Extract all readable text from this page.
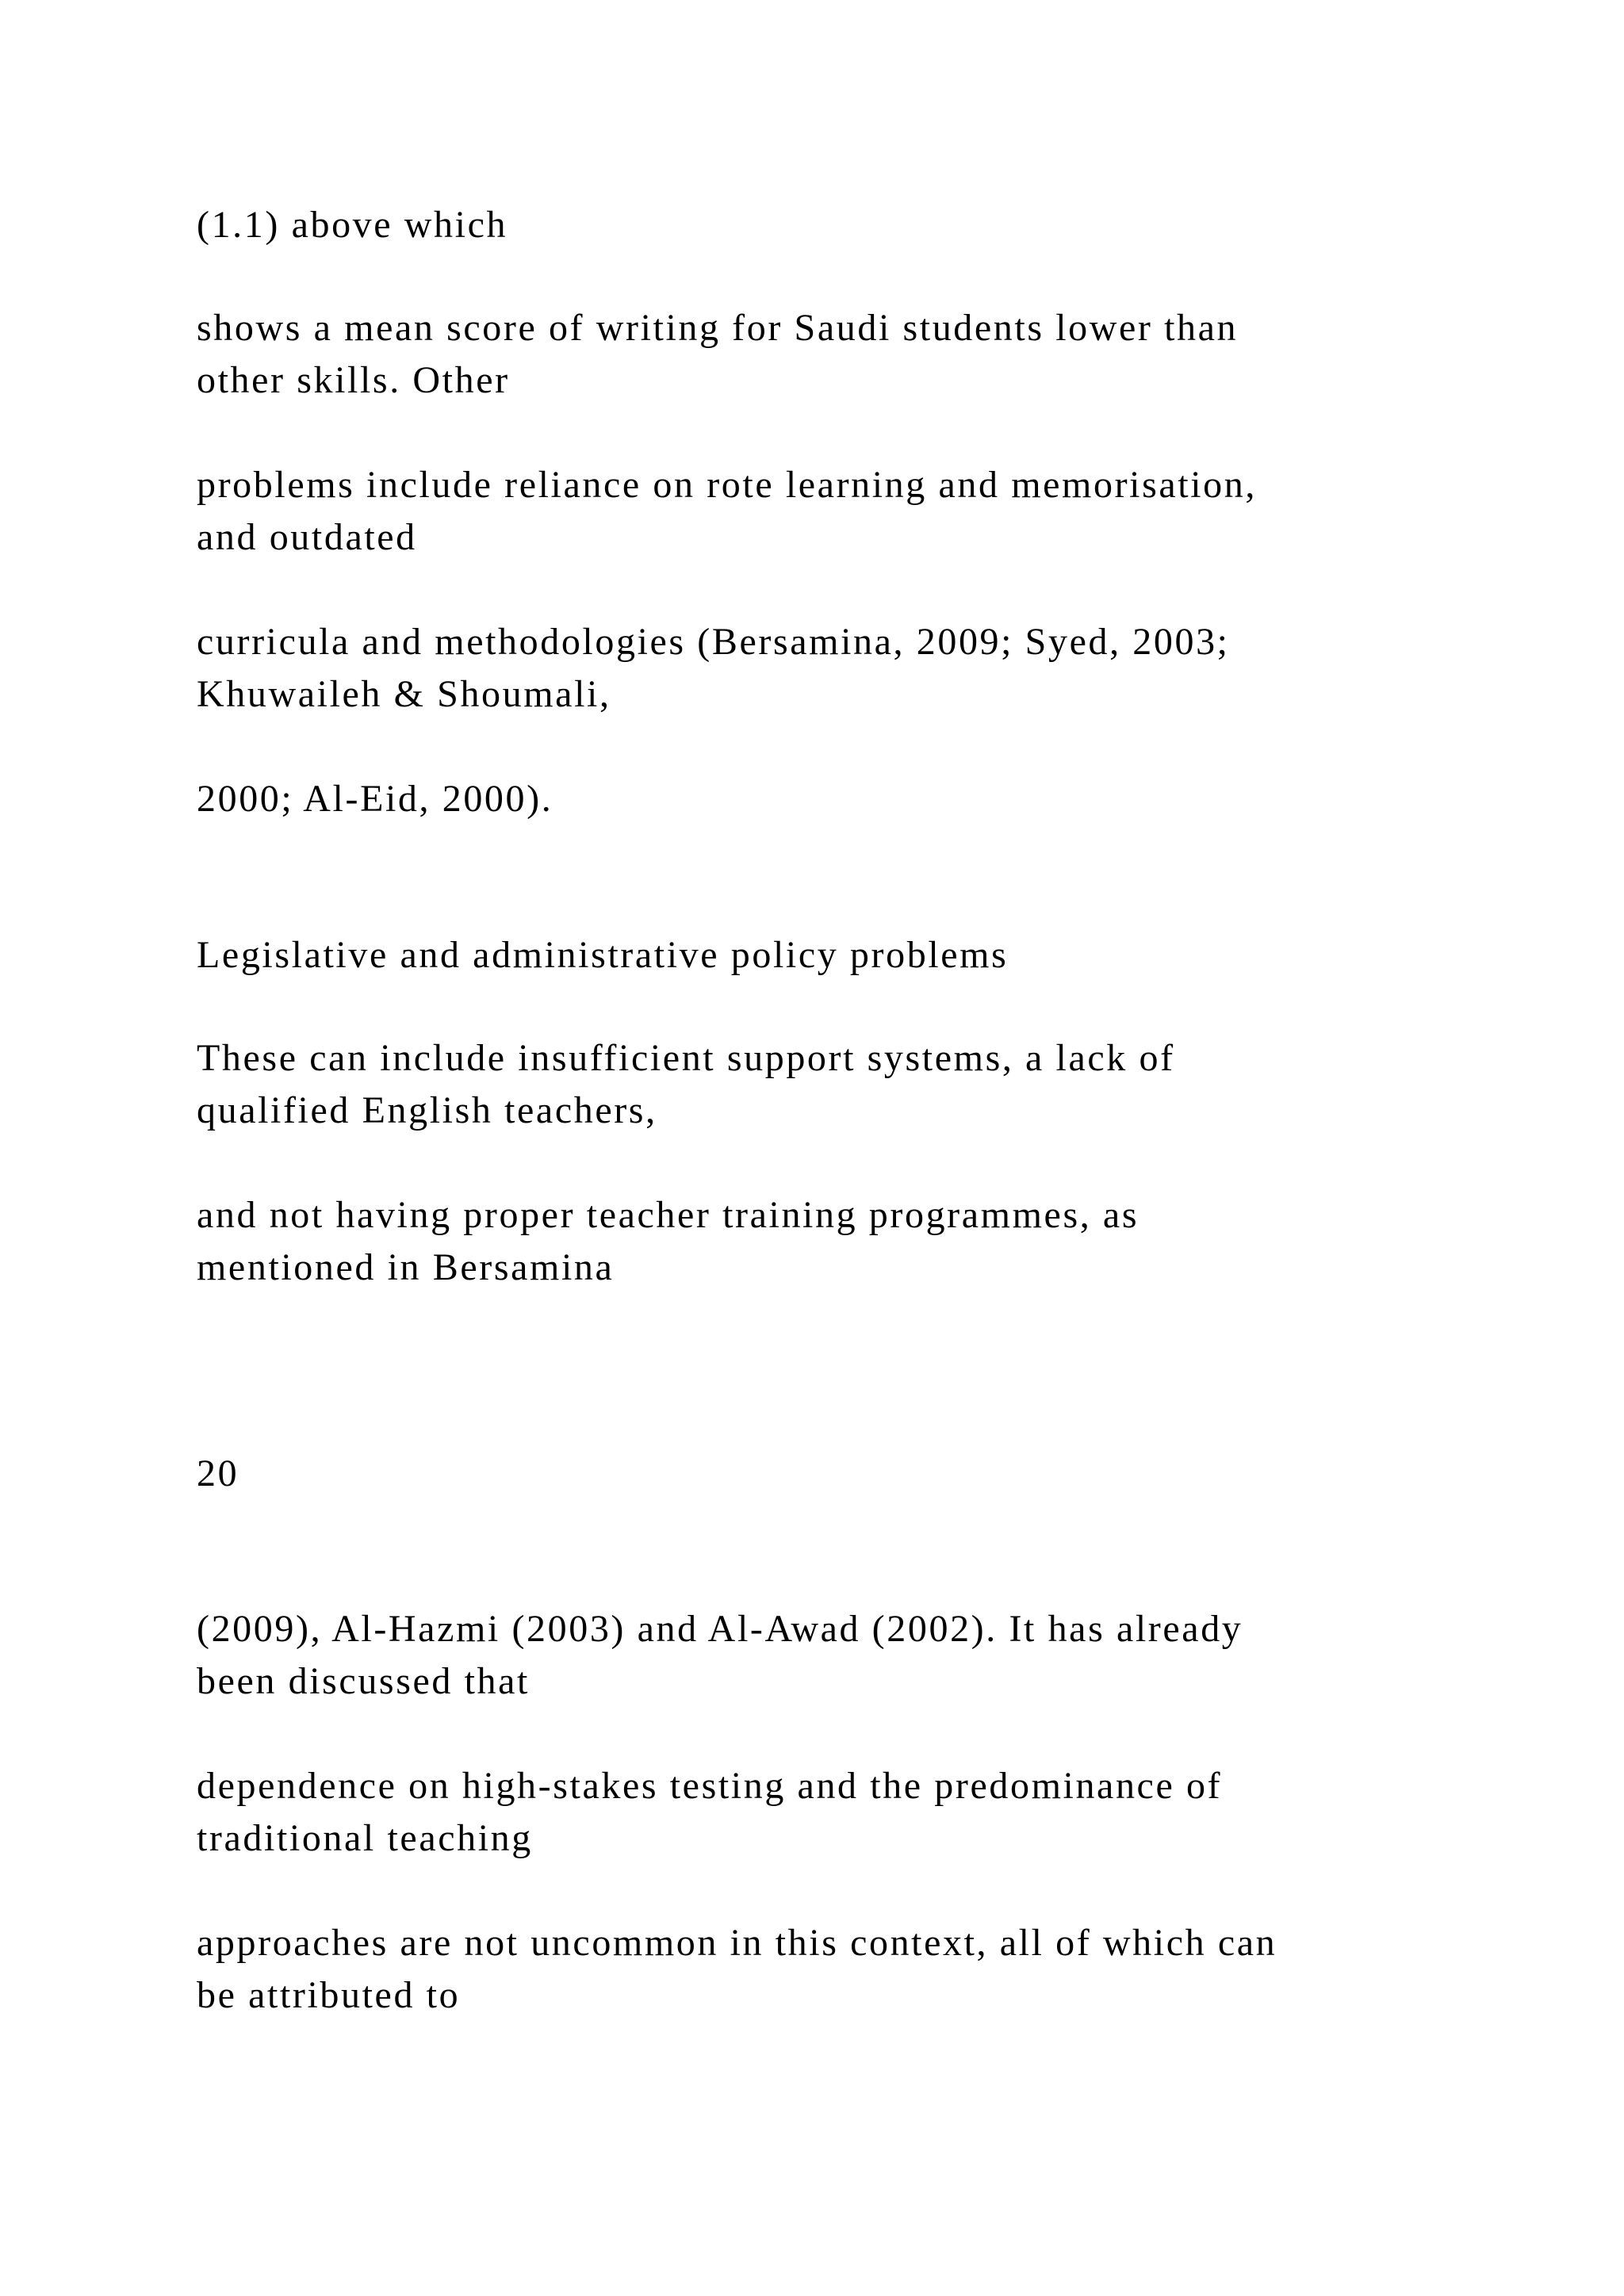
(1.1) above which

shows a mean score of writing for Saudi students lower than
other skills. Other

problems include reliance on rote learning and memorisation,
and outdated

curricula and methodologies (Bersamina, 2009; Syed, 2003;
Khuwaileh & Shoumali,

2000; Al-Eid, 2000).

Legislative and administrative policy problems

These can include insufficient support systems, a lack of
qualified English teachers,

and not having proper teacher training programmes, as
mentioned in Bersamina

20

(2009), Al-Hazmi (2003) and Al-Awad (2002). It has already
been discussed that

dependence on high-stakes testing and the predominance of
traditional teaching

approaches are not uncommon in this context, all of which can
be attributed to
